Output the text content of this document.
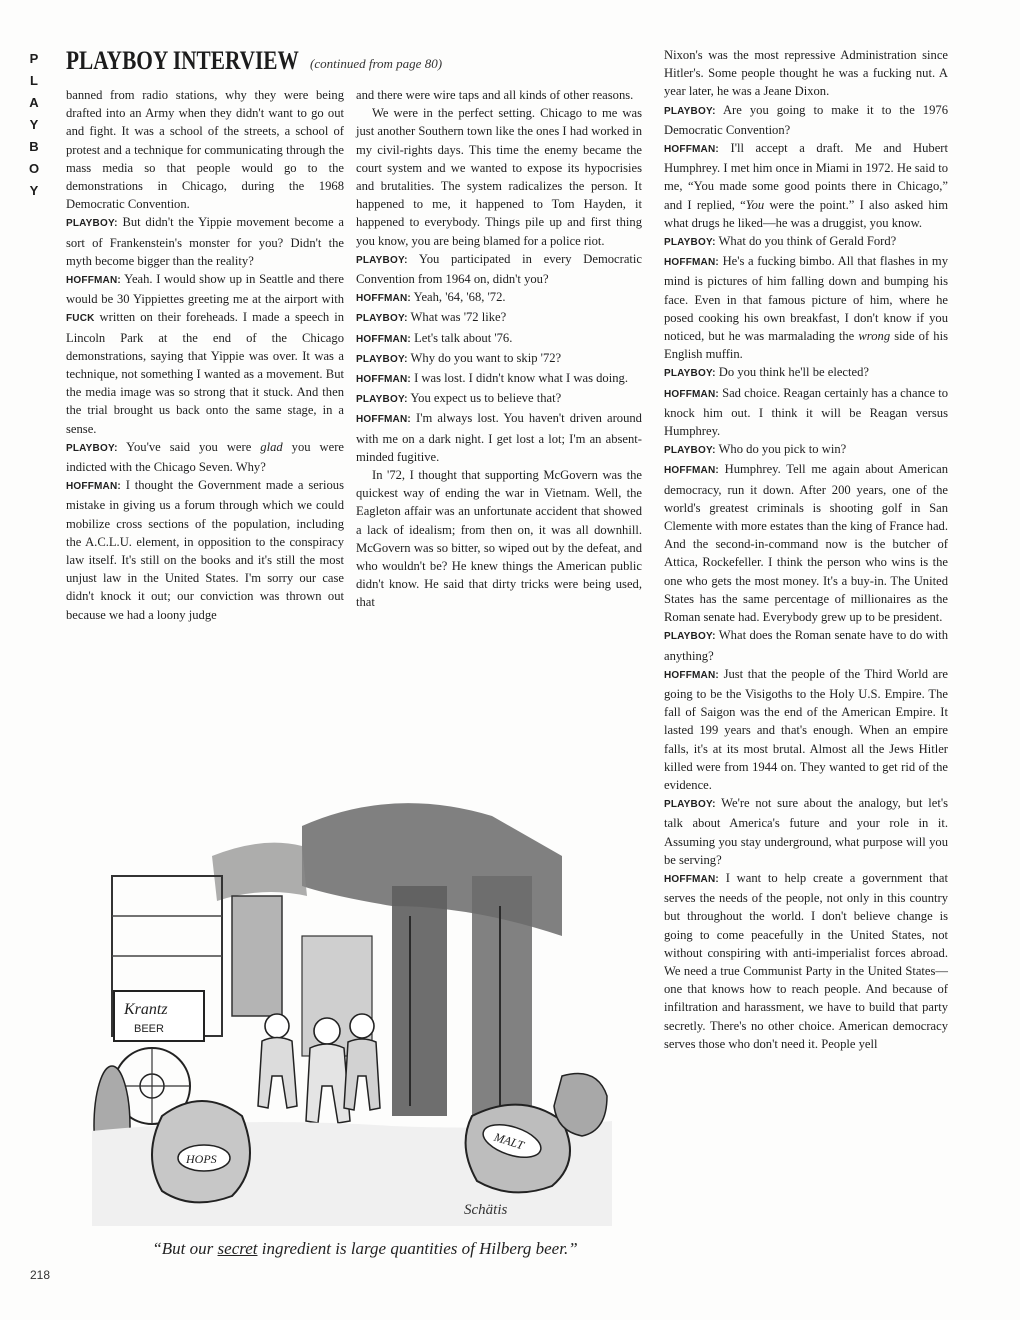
P
L
A
Y
B
O
Y
PLAYBOY INTERVIEW (continued from page 80)

banned from radio stations, why they were being drafted into an Army when they didn't want to go out and fight. It was a school of the streets, a school of protest and a technique for communicating through the mass media so that people would go to the demonstrations in Chicago, during the 1968 Democratic Convention.

PLAYBOY: But didn't the Yippie movement become a sort of Frankenstein's monster for you? Didn't the myth become bigger than the reality?

HOFFMAN: Yeah. I would show up in Seattle and there would be 30 Yippiettes greeting me at the airport with FUCK written on their foreheads. I made a speech in Lincoln Park at the end of the Chicago demonstrations, saying that Yippie was over. It was a technique, not something I wanted as a movement. But the media image was so strong that it stuck. And then the trial brought us back onto the same stage, in a sense.

PLAYBOY: You've said you were glad you were indicted with the Chicago Seven. Why?

HOFFMAN: I thought the Government made a serious mistake in giving us a forum through which we could mobilize cross sections of the population, including the A.C.L.U. element, in opposition to the conspiracy law itself. It's still on the books and it's still the most unjust law in the United States. I'm sorry our case didn't knock it out; our conviction was thrown out because we had a loony judge

and there were wire taps and all kinds of other reasons.

We were in the perfect setting. Chicago to me was just another Southern town like the ones I had worked in my civil-rights days. This time the enemy became the court system and we wanted to expose its hypocrisies and brutalities. The system radicalizes the person. It happened to me, it happened to Tom Hayden, it happened to everybody. Things pile up and first thing you know, you are being blamed for a police riot.

PLAYBOY: You participated in every Democratic Convention from 1964 on, didn't you?

HOFFMAN: Yeah, '64, '68, '72.

PLAYBOY: What was '72 like?

HOFFMAN: Let's talk about '76.

PLAYBOY: Why do you want to skip '72?

HOFFMAN: I was lost. I didn't know what I was doing.

PLAYBOY: You expect us to believe that?

HOFFMAN: I'm always lost. You haven't driven around with me on a dark night. I get lost a lot; I'm an absent-minded fugitive.

In '72, I thought that supporting McGovern was the quickest way of ending the war in Vietnam. Well, the Eagleton affair was an unfortunate accident that showed a lack of idealism; from then on, it was all downhill. McGovern was so bitter, so wiped out by the defeat, and who wouldn't be? He knew things the American public didn't know. He said that dirty tricks were being used, that

Nixon's was the most repressive Administration since Hitler's. Some people thought he was a fucking nut. A year later, he was a Jeane Dixon.

PLAYBOY: Are you going to make it to the 1976 Democratic Convention?

HOFFMAN: I'll accept a draft. Me and Hubert Humphrey. I met him once in Miami in 1972. He said to me, “You made some good points there in Chicago,” and I replied, “You were the point.” I also asked him what drugs he liked—he was a druggist, you know.

PLAYBOY: What do you think of Gerald Ford?

HOFFMAN: He's a fucking bimbo. All that flashes in my mind is pictures of him falling down and bumping his face. Even in that famous picture of him, where he posed cooking his own breakfast, I don't know if you noticed, but he was marmalading the wrong side of his English muffin.

PLAYBOY: Do you think he'll be elected?

HOFFMAN: Sad choice. Reagan certainly has a chance to knock him out. I think it will be Reagan versus Humphrey.

PLAYBOY: Who do you pick to win?

HOFFMAN: Humphrey. Tell me again about American democracy, run it down. After 200 years, one of the world's greatest criminals is shooting golf in San Clemente with more estates than the king of France had. And the second-in-command now is the butcher of Attica, Rockefeller. I think the person who wins is the one who gets the most money. It's a buy-in. The United States has the same percentage of millionaires as the Roman senate had. Everybody grew up to be president.

PLAYBOY: What does the Roman senate have to do with anything?

HOFFMAN: Just that the people of the Third World are going to be the Visigoths to the Holy U.S. Empire. The fall of Saigon was the end of the American Empire. It lasted 199 years and that's enough. When an empire falls, it's at its most brutal. Almost all the Jews Hitler killed were from 1944 on. They wanted to get rid of the evidence.

PLAYBOY: We're not sure about the analogy, but let's talk about America's future and your role in it. Assuming you stay underground, what purpose will you be serving?

HOFFMAN: I want to help create a government that serves the needs of the people, not only in this country but throughout the world. I don't believe change is going to come peacefully in the United States, not without conspiring with anti-imperialist forces abroad. We need a true Communist Party in the United States—one that knows how to reach people. And because of infiltration and harassment, we have to build that party secretly. There's no other choice. American democracy serves those who don't need it. People yell

Krantz
BEER
HOPS
MALT
Schätis
“But our secret ingredient is large quantities of Hilberg beer.”
218
